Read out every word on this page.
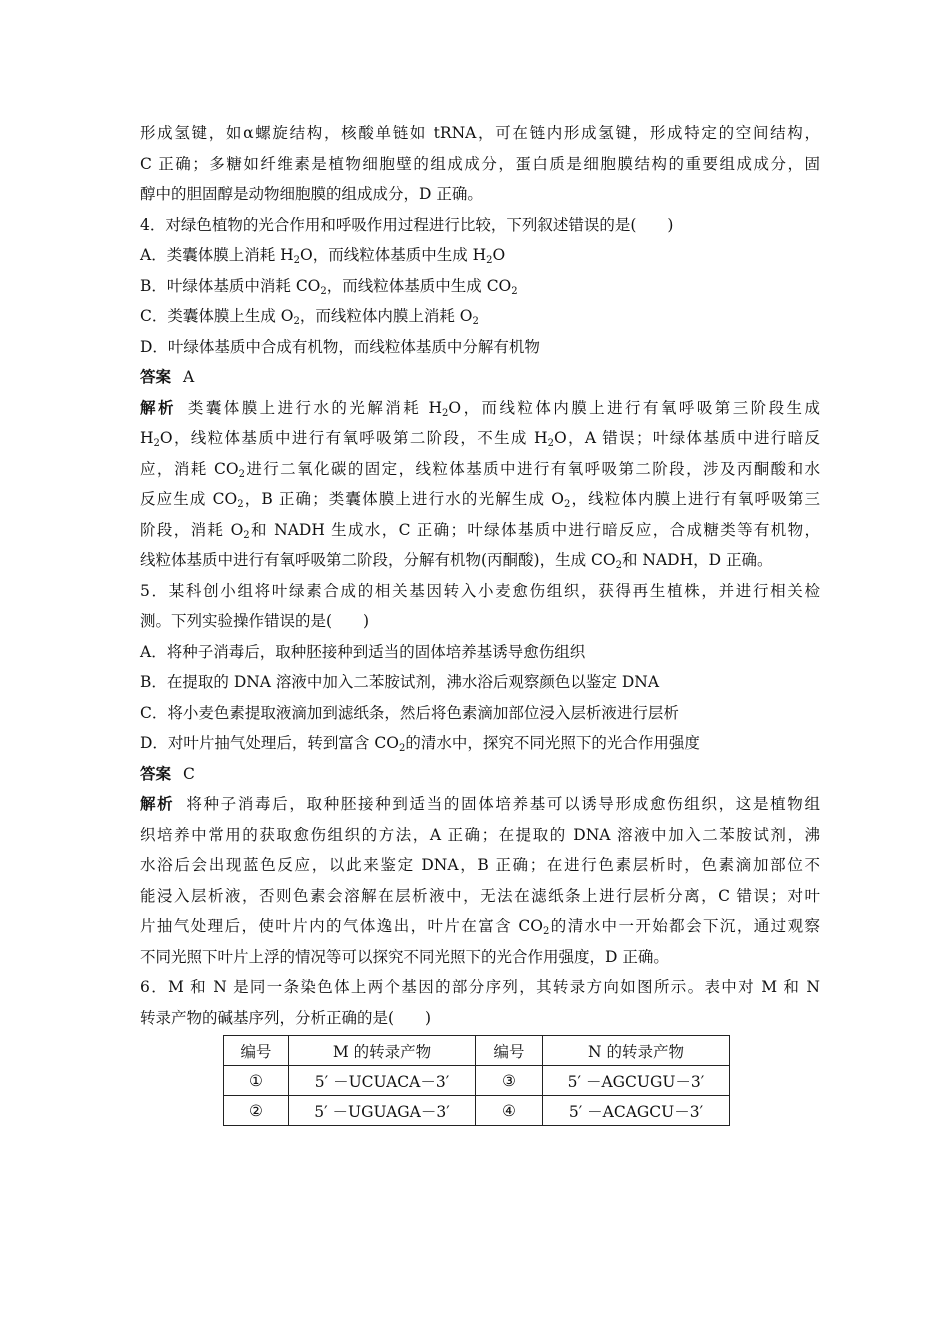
形成氢键，如α螺旋结构，核酸单链如 tRNA，可在链内形成氢键，形成特定的空间结构，
C 正确；多糖如纤维素是植物细胞壁的组成成分，蛋白质是细胞膜结构的重要组成成分，固
醇中的胆固醇是动物细胞膜的组成成分，D 正确。
4．对绿色植物的光合作用和呼吸作用过程进行比较，下列叙述错误的是(　　)
A．类囊体膜上消耗 $H_2O$，而线粒体基质中生成 $H_2O$
B．叶绿体基质中消耗 $CO_2$，而线粒体基质中生成 $CO_2$
C．类囊体膜上生成 $O_2$，而线粒体内膜上消耗 $O_2$
D．叶绿体基质中合成有机物，而线粒体基质中分解有机物
答案 A
解析 类囊体膜上进行水的光解消耗 $H_2O$，而线粒体内膜上进行有氧呼吸第三阶段生成
$H_2O$，线粒体基质中进行有氧呼吸第二阶段，不生成 $H_2O$，A 错误；叶绿体基质中进行暗反
应，消耗 $CO_2$进行二氧化碳的固定，线粒体基质中进行有氧呼吸第二阶段，涉及丙酮酸和水
反应生成 $CO_2$，B 正确；类囊体膜上进行水的光解生成 $O_2$，线粒体内膜上进行有氧呼吸第三
阶段，消耗 $O_2$和 NADH 生成水，C 正确；叶绿体基质中进行暗反应，合成糖类等有机物，
线粒体基质中进行有氧呼吸第二阶段，分解有机物(丙酮酸)，生成 $CO_2$和 NADH，D 正确。
5．某科创小组将叶绿素合成的相关基因转入小麦愈伤组织，获得再生植株，并进行相关检
测。下列实验操作错误的是(　　)
A．将种子消毒后，取种胚接种到适当的固体培养基诱导愈伤组织
B．在提取的 DNA 溶液中加入二苯胺试剂，沸水浴后观察颜色以鉴定 DNA
C．将小麦色素提取液滴加到滤纸条，然后将色素滴加部位浸入层析液进行层析
D．对叶片抽气处理后，转到富含 $CO_2$的清水中，探究不同光照下的光合作用强度
答案 C
解析 将种子消毒后，取种胚接种到适当的固体培养基可以诱导形成愈伤组织，这是植物组
织培养中常用的获取愈伤组织的方法，A 正确；在提取的 DNA 溶液中加入二苯胺试剂，沸
水浴后会出现蓝色反应，以此来鉴定 DNA，B 正确；在进行色素层析时，色素滴加部位不
能浸入层析液，否则色素会溶解在层析液中，无法在滤纸条上进行层析分离，C 错误；对叶
片抽气处理后，使叶片内的气体逸出，叶片在富含 $CO_2$的清水中一开始都会下沉，通过观察
不同光照下叶片上浮的情况等可以探究不同光照下的光合作用强度，D 正确。
6．M 和 N 是同一条染色体上两个基因的部分序列，其转录方向如图所示。表中对 M 和 N
转录产物的碱基序列，分析正确的是(　　)
编号	M 的转录产物	编号	N 的转录产物
①	5′ －UCUACA－3′	③	5′ －AGCUGU－3′
②	5′ －UGUAGA－3′	④	5′ －ACAGCU－3′
